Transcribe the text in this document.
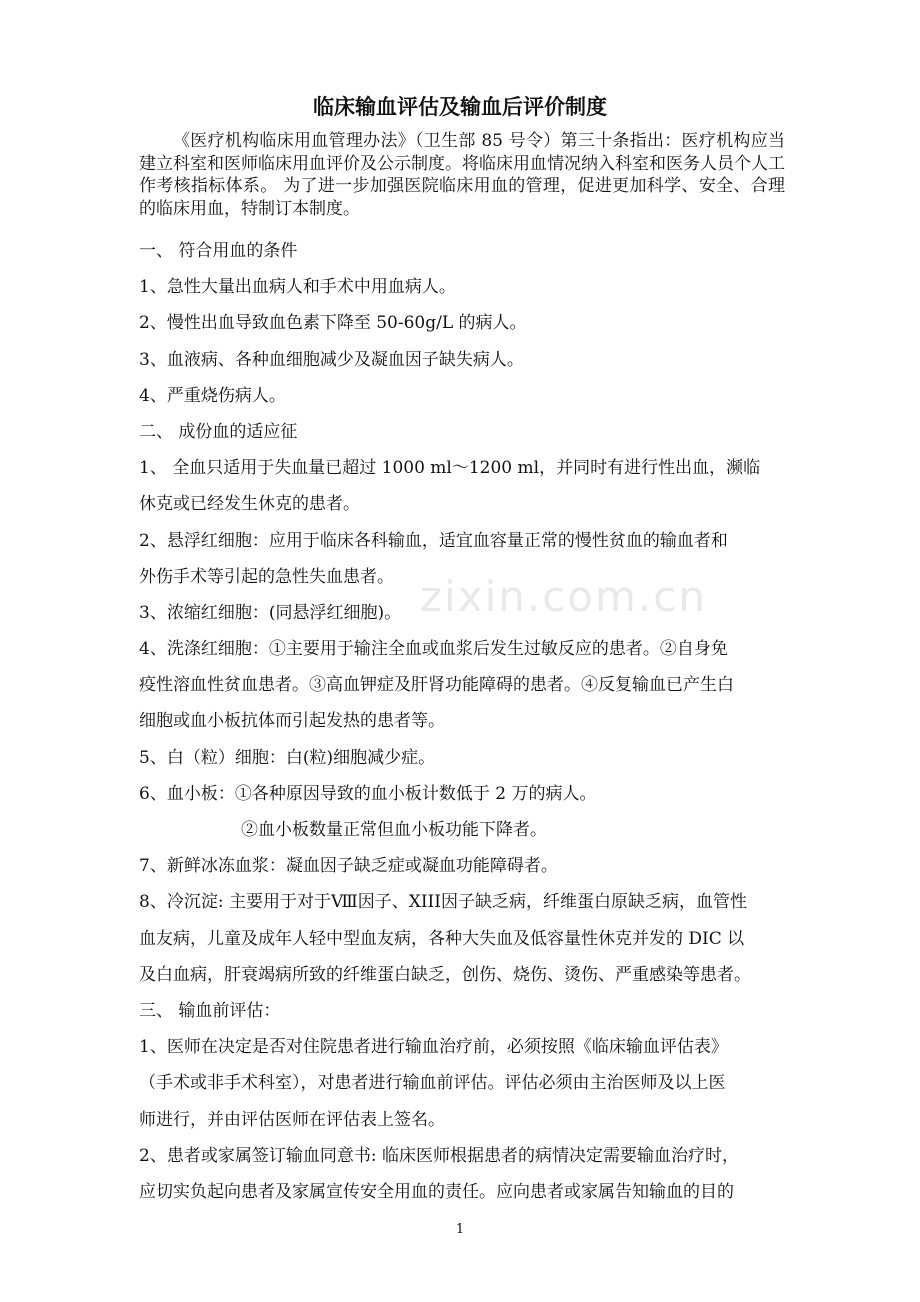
临床输血评估及输血后评价制度

《医疗机构临床用血管理办法》（卫生部 85 号令）第三十条指出：医疗机构应当建立科室和医师临床用血评价及公示制度。将临床用血情况纳入科室和医务人员个人工作考核指标体系。 为了进一步加强医院临床用血的管理，促进更加科学、安全、合理的临床用血，特制订本制度。

一、 符合用血的条件

1、急性大量出血病人和手术中用血病人。

2、慢性出血导致血色素下降至 50-60g/L 的病人。

3、血液病、各种血细胞减少及凝血因子缺失病人。

4、严重烧伤病人。

二、 成份血的适应征

1、 全血只适用于失血量已超过 1000 ml～1200 ml，并同时有进行性出血，濒临

休克或已经发生休克的患者。

2、悬浮红细胞：应用于临床各科输血，适宜血容量正常的慢性贫血的输血者和

外伤手术等引起的急性失血患者。

3、浓缩红细胞：(同悬浮红细胞)。

4、洗涤红细胞：①主要用于输注全血或血浆后发生过敏反应的患者。②自身免

疫性溶血性贫血患者。③高血钾症及肝肾功能障碍的患者。④反复输血已产生白

细胞或血小板抗体而引起发热的患者等。

5、白（粒）细胞：白(粒)细胞减少症。

6、血小板：①各种原因导致的血小板计数低于 2 万的病人。

②血小板数量正常但血小板功能下降者。

7、新鲜冰冻血浆：凝血因子缺乏症或凝血功能障碍者。

8、冷沉淀: 主要用于对于Ⅷ因子、XIII因子缺乏病，纤维蛋白原缺乏病，血管性

血友病，儿童及成年人轻中型血友病，各种大失血及低容量性休克并发的 DIC 以

及白血病，肝衰竭病所致的纤维蛋白缺乏，创伤、烧伤、烫伤、严重感染等患者。

三、 输血前评估：

1、医师在决定是否对住院患者进行输血治疗前，必须按照《临床输血评估表》

（手术或非手术科室），对患者进行输血前评估。评估必须由主治医师及以上医

师进行，并由评估医师在评估表上签名。

2、患者或家属签订输血同意书: 临床医师根据患者的病情决定需要输血治疗时，

应切实负起向患者及家属宣传安全用血的责任。应向患者或家属告知输血的目的

zixin.com.cn
1
